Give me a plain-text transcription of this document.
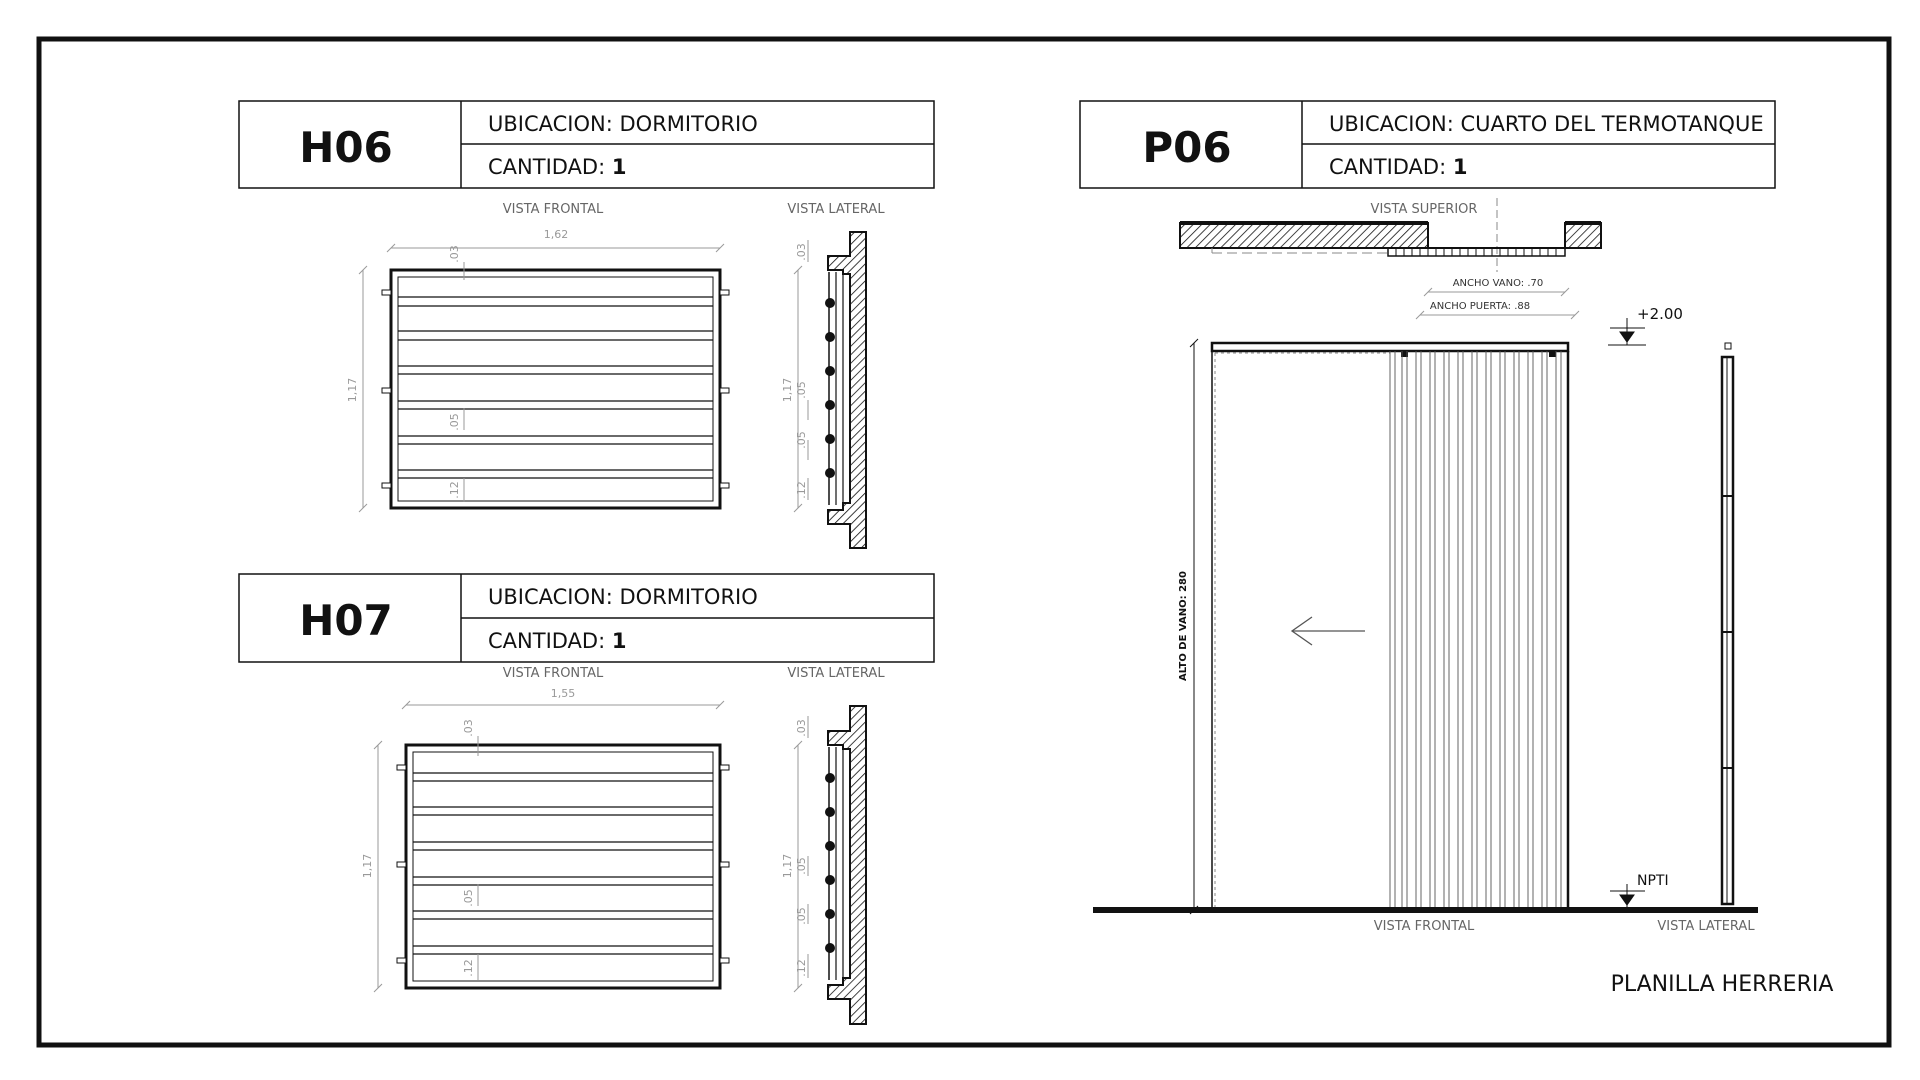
H06	UBICACION: DORMITORIO
CANTIDAD: 1
VISTA FRONTAL	VISTA LATERAL
1,62
1,17
.03
.05
.12
1,17
.03
.05
.05
.12
H07	UBICACION: DORMITORIO
CANTIDAD: 1
VISTA FRONTAL	VISTA LATERAL
1,55
1,17
.03
.05
.12
1,17
.03
.05
.05
.12
P06	UBICACION: CUARTO DEL TERMOTANQUE
CANTIDAD: 1
VISTA SUPERIOR
ANCHO VANO: .70
ANCHO PUERTA: .88
ALTO DE VANO: 280
+2.00
NPTI
VISTA FRONTAL	VISTA LATERAL
PLANILLA HERRERIA
